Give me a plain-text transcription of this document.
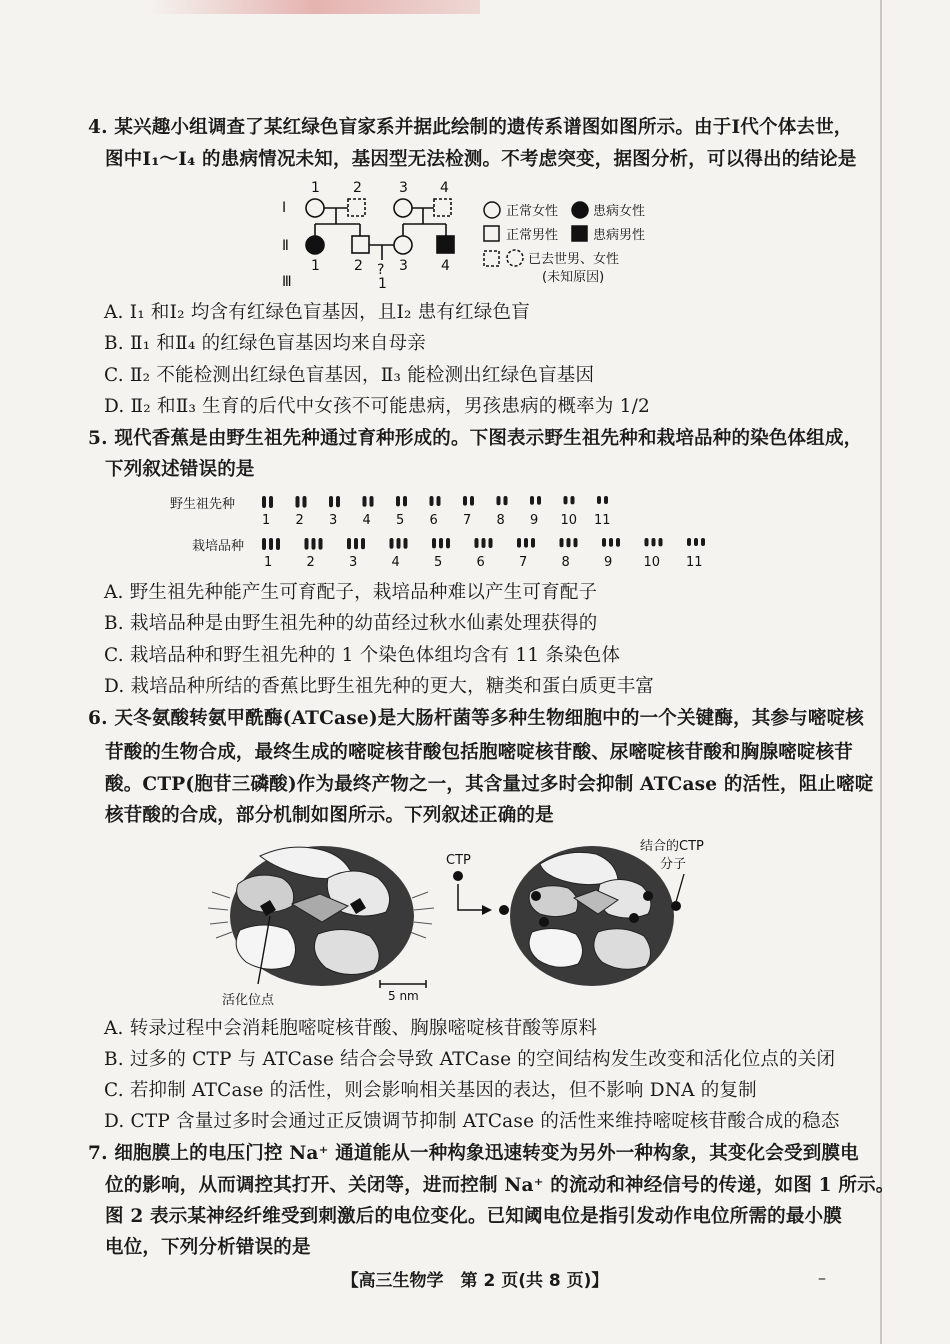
4. 某兴趣小组调查了某红绿色盲家系并据此绘制的遗传系谱图如图所示。由于Ⅰ代个体去世，
图中Ⅰ₁～Ⅰ₄ 的患病情况未知，基因型无法检测。不考虑突变，据图分析，可以得出的结论是
Ⅰ
Ⅱ
Ⅲ
1 2	3 4
1 2	3 4
?
1
正常女性	患病女性
正常男性	患病男性
已去世男、女性
(未知原因)
A. Ⅰ₁ 和Ⅰ₂ 均含有红绿色盲基因，且Ⅰ₂ 患有红绿色盲
B. Ⅱ₁ 和Ⅱ₄ 的红绿色盲基因均来自母亲
C. Ⅱ₂ 不能检测出红绿色盲基因，Ⅱ₃ 能检测出红绿色盲基因
D. Ⅱ₂ 和Ⅱ₃ 生育的后代中女孩不可能患病，男孩患病的概率为 1/2
5. 现代香蕉是由野生祖先种通过育种形成的。下图表示野生祖先种和栽培品种的染色体组成，
下列叙述错误的是
野生祖先种
栽培品种
1 2 3 4 5 6 7 8 9 10 11
1	2	3	4	5	6	7	8	9 10 11
A. 野生祖先种能产生可育配子，栽培品种难以产生可育配子
B. 栽培品种是由野生祖先种的幼苗经过秋水仙素处理获得的
C. 栽培品种和野生祖先种的 1 个染色体组均含有 11 条染色体
D. 栽培品种所结的香蕉比野生祖先种的更大，糖类和蛋白质更丰富
6. 天冬氨酸转氨甲酰酶(ATCase)是大肠杆菌等多种生物细胞中的一个关键酶，其参与嘧啶核
苷酸的生物合成，最终生成的嘧啶核苷酸包括胞嘧啶核苷酸、尿嘧啶核苷酸和胸腺嘧啶核苷
酸。CTP(胞苷三磷酸)作为最终产物之一，其含量过多时会抑制 ATCase 的活性，阻止嘧啶
核苷酸的合成，部分机制如图所示。下列叙述正确的是
活化位点	5 nm
CTP
结合的CTP
分子
A. 转录过程中会消耗胞嘧啶核苷酸、胸腺嘧啶核苷酸等原料
B. 过多的 CTP 与 ATCase 结合会导致 ATCase 的空间结构发生改变和活化位点的关闭
C. 若抑制 ATCase 的活性，则会影响相关基因的表达，但不影响 DNA 的复制
D. CTP 含量过多时会通过正反馈调节抑制 ATCase 的活性来维持嘧啶核苷酸合成的稳态
7. 细胞膜上的电压门控 Na⁺ 通道能从一种构象迅速转变为另外一种构象，其变化会受到膜电
位的影响，从而调控其打开、关闭等，进而控制 Na⁺ 的流动和神经信号的传递，如图 1 所示。
图 2 表示某神经纤维受到刺激后的电位变化。已知阈电位是指引发动作电位所需的最小膜
电位，下列分析错误的是
【高三生物学　第 2 页(共 8 页)】	–
